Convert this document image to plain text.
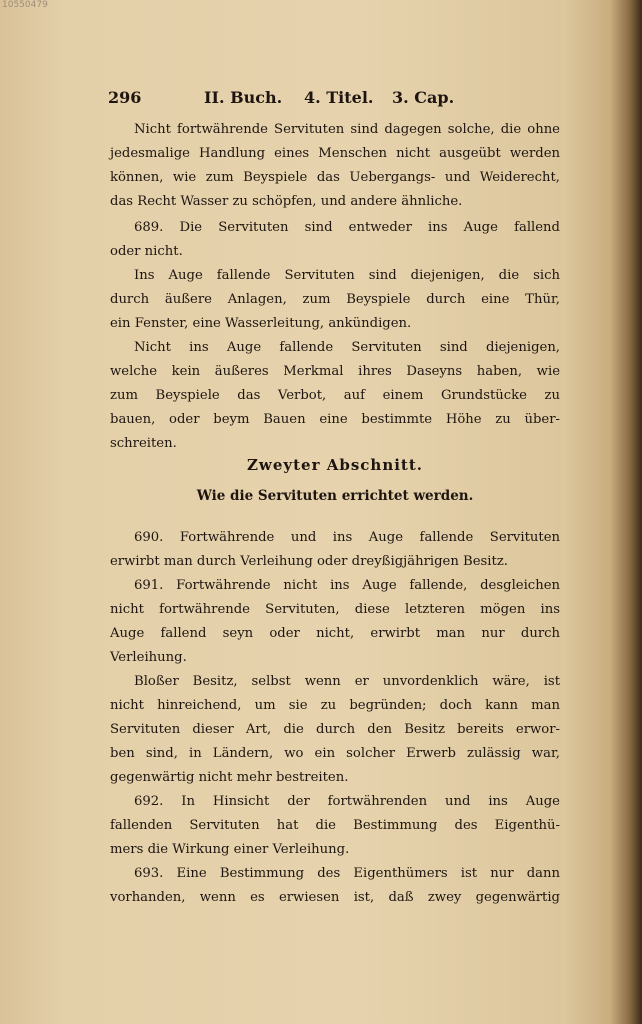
10550479
296	II. Buch. 4. Titel. 3. Cap.
Nicht fortwährende Servituten sind dagegen solche, die ohne
jedesmalige Handlung eines Menschen nicht ausgeübt werden
können, wie zum Beyspiele das Uebergangs- und Weiderecht,
das Recht Wasser zu schöpfen, und andere ähnliche.
689. Die Servituten sind entweder ins Auge fallend
oder nicht.
Ins Auge fallende Servituten sind diejenigen, die sich
durch äußere Anlagen, zum Beyspiele durch eine Thür,
ein Fenster, eine Wasserleitung, ankündigen.
Nicht ins Auge fallende Servituten sind diejenigen,
welche kein äußeres Merkmal ihres Daseyns haben, wie
zum Beyspiele das Verbot, auf einem Grundstücke zu
bauen, oder beym Bauen eine bestimmte Höhe zu über-
schreiten.
Zweyter Abschnitt.
Wie die Servituten errichtet werden.
690. Fortwährende und ins Auge fallende Servituten
erwirbt man durch Verleihung oder dreyßigjährigen Besitz.
691. Fortwährende nicht ins Auge fallende, desgleichen
nicht fortwährende Servituten, diese letzteren mögen ins
Auge fallend seyn oder nicht, erwirbt man nur durch
Verleihung.
Bloßer Besitz, selbst wenn er unvordenklich wäre, ist
nicht hinreichend, um sie zu begründen; doch kann man
Servituten dieser Art, die durch den Besitz bereits erwor-
ben sind, in Ländern, wo ein solcher Erwerb zulässig war,
gegenwärtig nicht mehr bestreiten.
692. In Hinsicht der fortwährenden und ins Auge
fallenden Servituten hat die Bestimmung des Eigenthü-
mers die Wirkung einer Verleihung.
693. Eine Bestimmung des Eigenthümers ist nur dann
vorhanden, wenn es erwiesen ist, daß zwey gegenwärtig
